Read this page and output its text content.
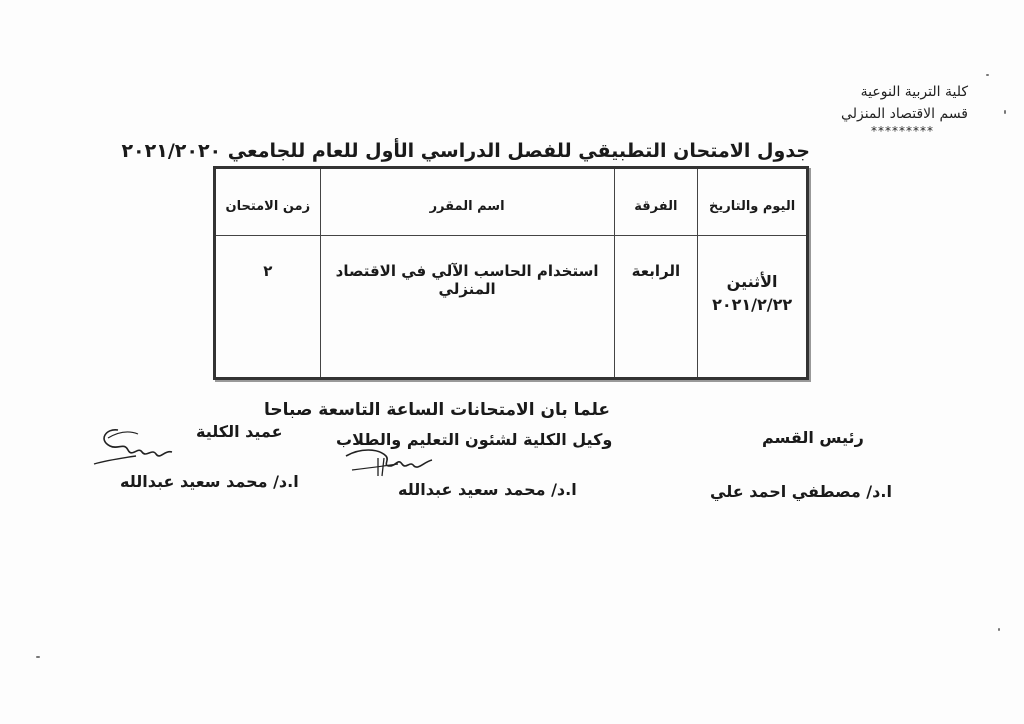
كلية التربية النوعية
قسم الاقتصاد المنزلي
*********
جدول الامتحان التطبيقي للفصل الدراسي الأول للعام للجامعي ٢٠٢١/٢٠٢٠
اليوم والتاريخ	الفرقة	اسم المقرر	زمن الامتحان

الأثنين
٢٠٢١/٢/٢٢	الرابعة	استخدام الحاسب الآلي في الاقتصاد المنزلي	٢
علما بان الامتحانات الساعة التاسعة صباحا
عميد الكلية	وكيل الكلية لشئون التعليم والطلاب	رئيس القسم
ا.د/ محمد سعيد عبدالله	ا.د/ محمد سعيد عبدالله	ا.د/ مصطفي احمد علي
